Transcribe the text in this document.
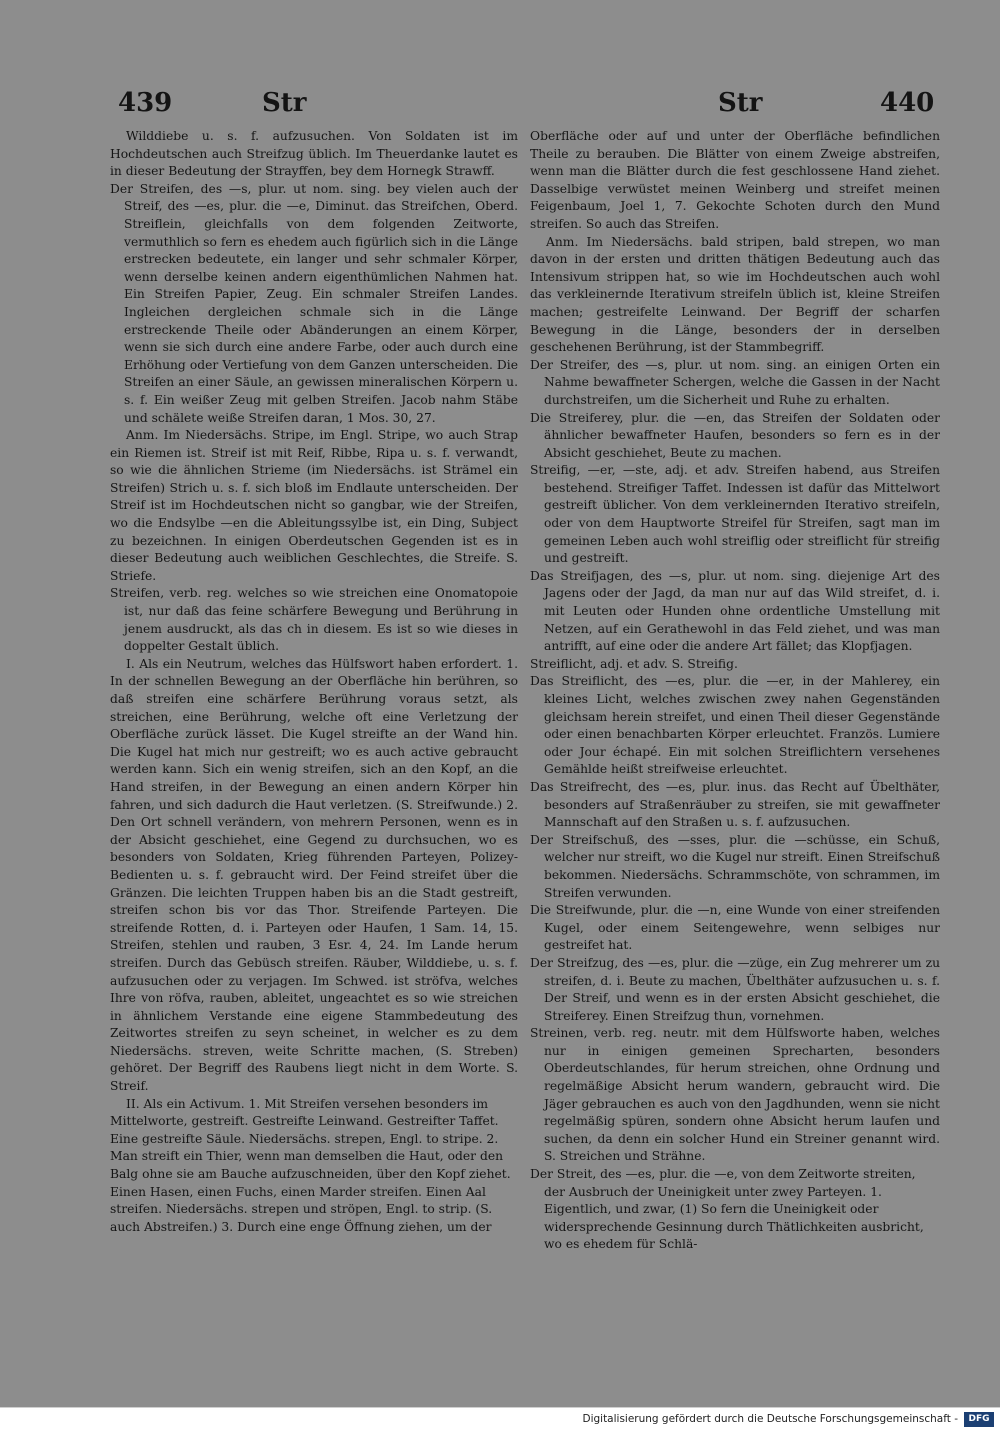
439	Str	Str	440

Wilddiebe u. s. f. aufzusuchen. Von Soldaten ist im Hochdeutschen auch Streifzug üblich. Im Theuerdanke lautet es in dieser Bedeutung der Strayffen, bey dem Hornegk Strawff.

Der Streifen, des —s, plur. ut nom. sing. bey vielen auch der Streif, des —es, plur. die —e, Diminut. das Streifchen, Oberd. Streiflein, gleichfalls von dem folgenden Zeitworte, vermuthlich so fern es ehedem auch figürlich sich in die Länge erstrecken bedeutete, ein langer und sehr schmaler Körper, wenn derselbe keinen andern eigenthümlichen Nahmen hat. Ein Streifen Papier, Zeug. Ein schmaler Streifen Landes. Ingleichen dergleichen schmale sich in die Länge erstreckende Theile oder Abänderungen an einem Körper, wenn sie sich durch eine andere Farbe, oder auch durch eine Erhöhung oder Vertiefung von dem Ganzen unterscheiden. Die Streifen an einer Säule, an gewissen mineralischen Körpern u. s. f. Ein weißer Zeug mit gelben Streifen. Jacob nahm Stäbe und schälete weiße Streifen daran, 1 Mos. 30, 27.

Anm. Im Niedersächs. Stripe, im Engl. Stripe, wo auch Strap ein Riemen ist. Streif ist mit Reif, Ribbe, Ripa u. s. f. verwandt, so wie die ähnlichen Strieme (im Niedersächs. ist Strämel ein Streifen) Strich u. s. f. sich bloß im Endlaute unterscheiden. Der Streif ist im Hochdeutschen nicht so gangbar, wie der Streifen, wo die Endsylbe —en die Ableitungssylbe ist, ein Ding, Subject zu bezeichnen. In einigen Oberdeutschen Gegenden ist es in dieser Bedeutung auch weiblichen Geschlechtes, die Streife. S. Striefe.

Streifen, verb. reg. welches so wie streichen eine Onomatopoie ist, nur daß das feine schärfere Bewegung und Berührung in jenem ausdruckt, als das ch in diesem. Es ist so wie dieses in doppelter Gestalt üblich.

I. Als ein Neutrum, welches das Hülfswort haben erfordert. 1. In der schnellen Bewegung an der Oberfläche hin berühren, so daß streifen eine schärfere Berührung voraus setzt, als streichen, eine Berührung, welche oft eine Verletzung der Oberfläche zurück lässet. Die Kugel streifte an der Wand hin. Die Kugel hat mich nur gestreift; wo es auch active gebraucht werden kann. Sich ein wenig streifen, sich an den Kopf, an die Hand streifen, in der Bewegung an einen andern Körper hin fahren, und sich dadurch die Haut verletzen. (S. Streifwunde.) 2. Den Ort schnell verändern, von mehrern Personen, wenn es in der Absicht geschiehet, eine Gegend zu durchsuchen, wo es besonders von Soldaten, Krieg führenden Parteyen, Polizey-Bedienten u. s. f. gebraucht wird. Der Feind streifet über die Gränzen. Die leichten Truppen haben bis an die Stadt gestreift, streifen schon bis vor das Thor. Streifende Parteyen. Die streifende Rotten, d. i. Parteyen oder Haufen, 1 Sam. 14, 15. Streifen, stehlen und rauben, 3 Esr. 4, 24. Im Lande herum streifen. Durch das Gebüsch streifen. Räuber, Wilddiebe, u. s. f. aufzusuchen oder zu verjagen. Im Schwed. ist ströfva, welches Ihre von röfva, rauben, ableitet, ungeachtet es so wie streichen in ähnlichem Verstande eine eigene Stammbedeutung des Zeitwortes streifen zu seyn scheinet, in welcher es zu dem Niedersächs. streven, weite Schritte machen, (S. Streben) gehöret. Der Begriff des Raubens liegt nicht in dem Worte. S. Streif.

II. Als ein Activum. 1. Mit Streifen versehen besonders im Mittelworte, gestreift. Gestreifte Leinwand. Gestreifter Taffet. Eine gestreifte Säule. Niedersächs. strepen, Engl. to stripe. 2. Man streift ein Thier, wenn man demselben die Haut, oder den Balg ohne sie am Bauche aufzuschneiden, über den Kopf ziehet. Einen Hasen, einen Fuchs, einen Marder streifen. Einen Aal streifen. Niedersächs. strepen und ströpen, Engl. to strip. (S. auch Abstreifen.) 3. Durch eine enge Öffnung ziehen, um der

Oberfläche oder auf und unter der Oberfläche befindlichen Theile zu berauben. Die Blätter von einem Zweige abstreifen, wenn man die Blätter durch die fest geschlossene Hand ziehet. Dasselbige verwüstet meinen Weinberg und streifet meinen Feigenbaum, Joel 1, 7. Gekochte Schoten durch den Mund streifen. So auch das Streifen.

Anm. Im Niedersächs. bald stripen, bald strepen, wo man davon in der ersten und dritten thätigen Bedeutung auch das Intensivum strippen hat, so wie im Hochdeutschen auch wohl das verkleinernde Iterativum streifeln üblich ist, kleine Streifen machen; gestreifelte Leinwand. Der Begriff der scharfen Bewegung in die Länge, besonders der in derselben geschehenen Berührung, ist der Stammbegriff.

Der Streifer, des —s, plur. ut nom. sing. an einigen Orten ein Nahme bewaffneter Schergen, welche die Gassen in der Nacht durchstreifen, um die Sicherheit und Ruhe zu erhalten.

Die Streiferey, plur. die —en, das Streifen der Soldaten oder ähnlicher bewaffneter Haufen, besonders so fern es in der Absicht geschiehet, Beute zu machen.

Streifig, —er, —ste, adj. et adv. Streifen habend, aus Streifen bestehend. Streifiger Taffet. Indessen ist dafür das Mittelwort gestreift üblicher. Von dem verkleinernden Iterativo streifeln, oder von dem Hauptworte Streifel für Streifen, sagt man im gemeinen Leben auch wohl streiflig oder streiflicht für streifig und gestreift.

Das Streifjagen, des —s, plur. ut nom. sing. diejenige Art des Jagens oder der Jagd, da man nur auf das Wild streifet, d. i. mit Leuten oder Hunden ohne ordentliche Umstellung mit Netzen, auf ein Gerathewohl in das Feld ziehet, und was man antrifft, auf eine oder die andere Art fället; das Klopfjagen.

Streiflicht, adj. et adv. S. Streifig.

Das Streiflicht, des —es, plur. die —er, in der Mahlerey, ein kleines Licht, welches zwischen zwey nahen Gegenständen gleichsam herein streifet, und einen Theil dieser Gegenstände oder einen benachbarten Körper erleuchtet. Französ. Lumiere oder Jour échapé. Ein mit solchen Streiflichtern versehenes Gemählde heißt streifweise erleuchtet.

Das Streifrecht, des —es, plur. inus. das Recht auf Übelthäter, besonders auf Straßenräuber zu streifen, sie mit gewaffneter Mannschaft auf den Straßen u. s. f. aufzusuchen.

Der Streifschuß, des —sses, plur. die —schüsse, ein Schuß, welcher nur streift, wo die Kugel nur streift. Einen Streifschuß bekommen. Niedersächs. Schrammschöte, von schrammen, im Streifen verwunden.

Die Streifwunde, plur. die —n, eine Wunde von einer streifenden Kugel, oder einem Seitengewehre, wenn selbiges nur gestreifet hat.

Der Streifzug, des —es, plur. die —züge, ein Zug mehrerer um zu streifen, d. i. Beute zu machen, Übelthäter aufzusuchen u. s. f. Der Streif, und wenn es in der ersten Absicht geschiehet, die Streiferey. Einen Streifzug thun, vornehmen.

Streinen, verb. reg. neutr. mit dem Hülfsworte haben, welches nur in einigen gemeinen Sprecharten, besonders Oberdeutschlandes, für herum streichen, ohne Ordnung und regelmäßige Absicht herum wandern, gebraucht wird. Die Jäger gebrauchen es auch von den Jagdhunden, wenn sie nicht regelmäßig spüren, sondern ohne Absicht herum laufen und suchen, da denn ein solcher Hund ein Streiner genannt wird. S. Streichen und Strähne.

Der Streit, des —es, plur. die —e, von dem Zeitworte streiten, der Ausbruch der Uneinigkeit unter zwey Parteyen. 1. Eigentlich, und zwar, (1) So fern die Uneinigkeit oder widersprechende Gesinnung durch Thätlichkeiten ausbricht, wo es ehedem für Schlä-

Digitalisierung gefördert durch die Deutsche Forschungsgemeinschaft -	DFG
